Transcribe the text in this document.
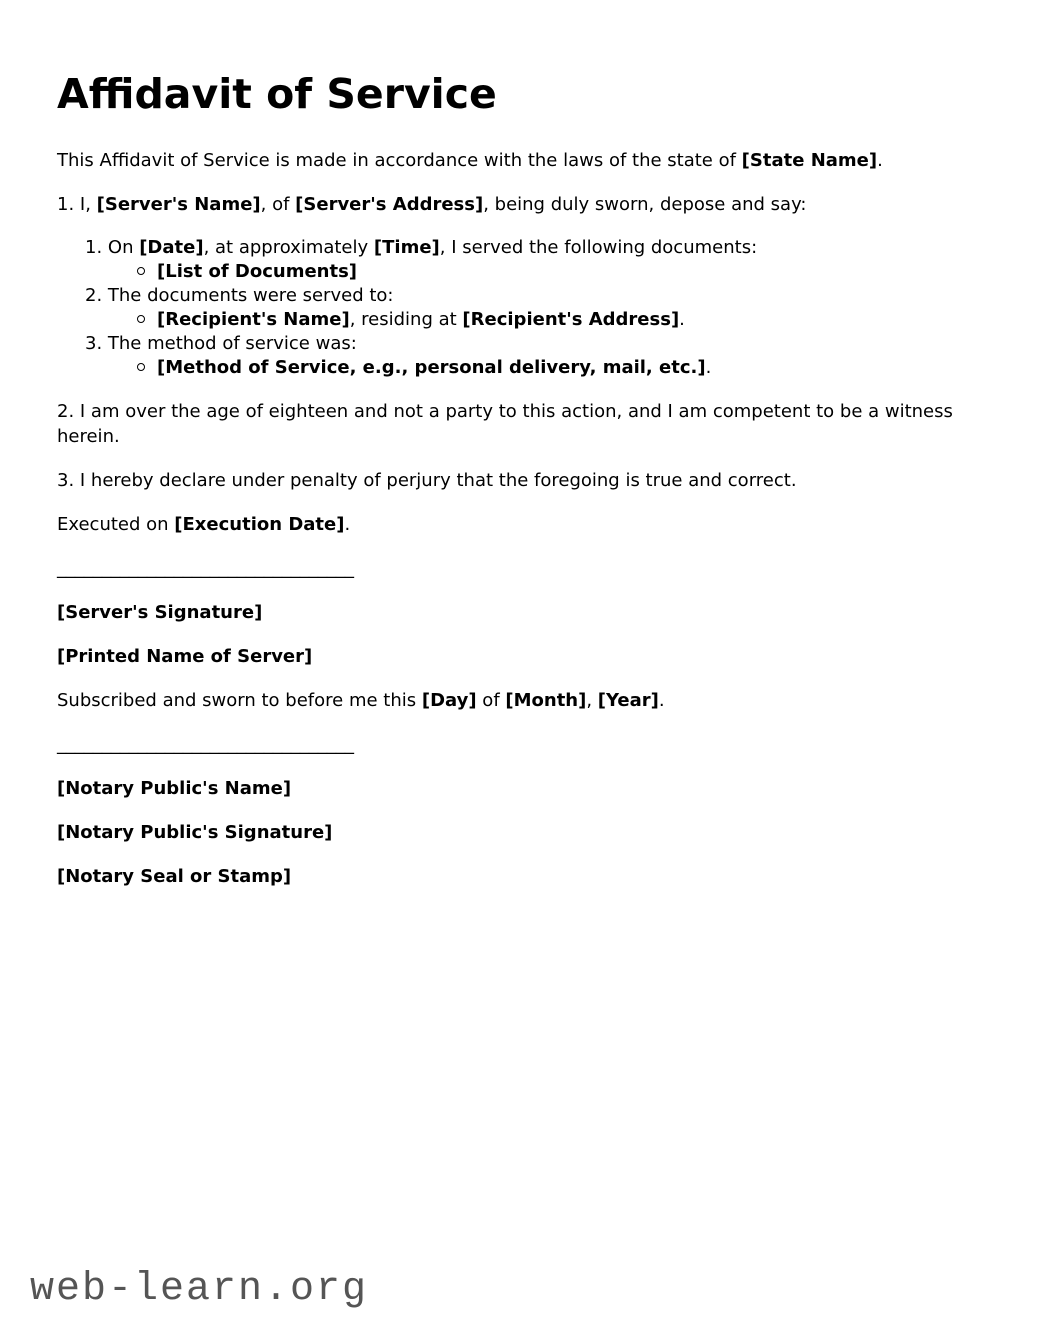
Affidavit of Service

This Affidavit of Service is made in accordance with the laws of the state of [State Name].

1. I, [Server's Name], of [Server's Address], being duly sworn, depose and say:

1. On [Date], at approximately [Time], I served the following documents:
[List of Documents]
2. The documents were served to:
[Recipient's Name], residing at [Recipient's Address].
3. The method of service was:
[Method of Service, e.g., personal delivery, mail, etc.].

2. I am over the age of eighteen and not a party to this action, and I am competent to be a witness herein.

3. I hereby declare under penalty of perjury that the foregoing is true and correct.

Executed on [Execution Date].

_________________________________

[Server's Signature]

[Printed Name of Server]

Subscribed and sworn to before me this [Day] of [Month], [Year].

_________________________________

[Notary Public's Name]

[Notary Public's Signature]

[Notary Seal or Stamp]

web-learn.org
